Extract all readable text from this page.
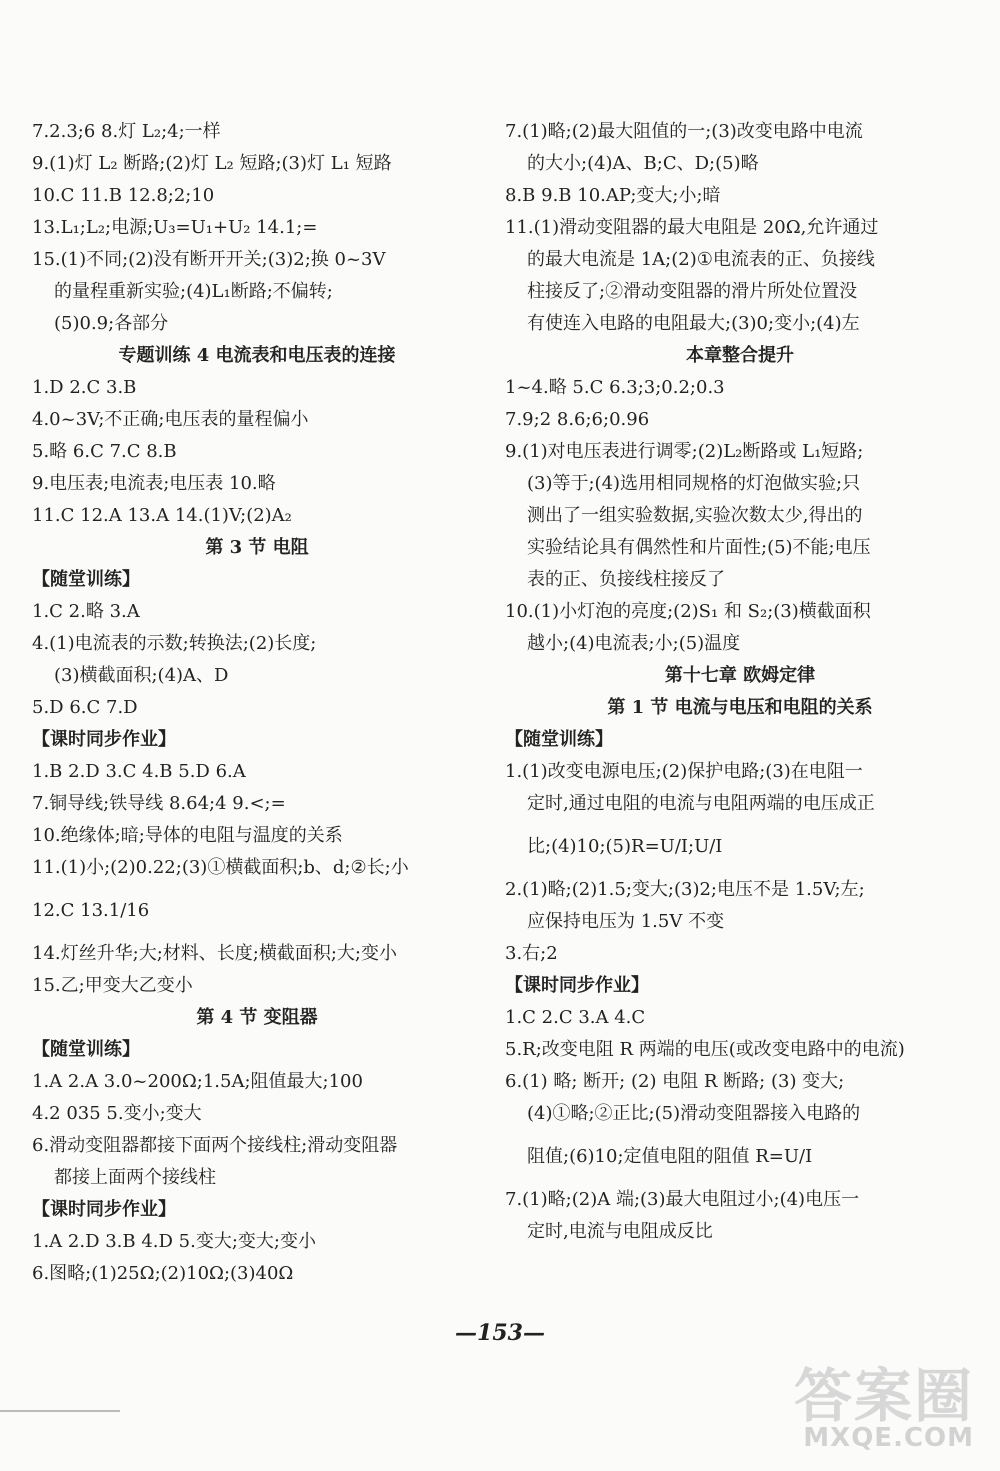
7.2.3;6 8.灯 L₂;4;一样
9.(1)灯 L₂ 断路;(2)灯 L₂ 短路;(3)灯 L₁ 短路
10.C 11.B 12.8;2;10
13.L₁;L₂;电源;U₃=U₁+U₂ 14.1;=
15.(1)不同;(2)没有断开开关;(3)2;换 0~3V
的量程重新实验;(4)L₁断路;不偏转;
(5)0.9;各部分
专题训练 4 电流表和电压表的连接
1.D 2.C 3.B
4.0~3V;不正确;电压表的量程偏小
5.略 6.C 7.C 8.B
9.电压表;电流表;电压表 10.略
11.C 12.A 13.A 14.(1)V;(2)A₂
第 3 节 电阻
【随堂训练】
1.C 2.略 3.A
4.(1)电流表的示数;转换法;(2)长度;
(3)横截面积;(4)A、D
5.D 6.C 7.D
【课时同步作业】
1.B 2.D 3.C 4.B 5.D 6.A
7.铜导线;铁导线 8.64;4 9.<;=
10.绝缘体;暗;导体的电阻与温度的关系
11.(1)小;(2)0.22;(3)①横截面积;b、d;②长;小
12.C 13.1/16
14.灯丝升华;大;材料、长度;横截面积;大;变小
15.乙;甲变大乙变小
第 4 节 变阻器
【随堂训练】
1.A 2.A 3.0~200Ω;1.5A;阻值最大;100
4.2 035 5.变小;变大
6.滑动变阻器都接下面两个接线柱;滑动变阻器
都接上面两个接线柱
【课时同步作业】
1.A 2.D 3.B 4.D 5.变大;变大;变小
6.图略;(1)25Ω;(2)10Ω;(3)40Ω
7.(1)略;(2)最大阻值的一;(3)改变电路中电流
的大小;(4)A、B;C、D;(5)略
8.B 9.B 10.AP;变大;小;暗
11.(1)滑动变阻器的最大电阻是 20Ω,允许通过
的最大电流是 1A;(2)①电流表的正、负接线
柱接反了;②滑动变阻器的滑片所处位置没
有使连入电路的电阻最大;(3)0;变小;(4)左
本章整合提升
1~4.略 5.C 6.3;3;0.2;0.3
7.9;2 8.6;6;0.96
9.(1)对电压表进行调零;(2)L₂断路或 L₁短路;
(3)等于;(4)选用相同规格的灯泡做实验;只
测出了一组实验数据,实验次数太少,得出的
实验结论具有偶然性和片面性;(5)不能;电压
表的正、负接线柱接反了
10.(1)小灯泡的亮度;(2)S₁ 和 S₂;(3)横截面积
越小;(4)电流表;小;(5)温度
第十七章 欧姆定律
第 1 节 电流与电压和电阻的关系
【随堂训练】
1.(1)改变电源电压;(2)保护电路;(3)在电阻一
定时,通过电阻的电流与电阻两端的电压成正
比;(4)10;(5)R=U/I;U/I
2.(1)略;(2)1.5;变大;(3)2;电压不是 1.5V;左;
应保持电压为 1.5V 不变
3.右;2
【课时同步作业】
1.C 2.C 3.A 4.C
5.R;改变电阻 R 两端的电压(或改变电路中的电流)
6.(1) 略; 断开; (2) 电阻 R 断路; (3) 变大;
(4)①略;②正比;(5)滑动变阻器接入电路的
阻值;(6)10;定值电阻的阻值 R=U/I
7.(1)略;(2)A 端;(3)最大电阻过小;(4)电压一
定时,电流与电阻成反比
—153—
答案圈
MXQE.COM
